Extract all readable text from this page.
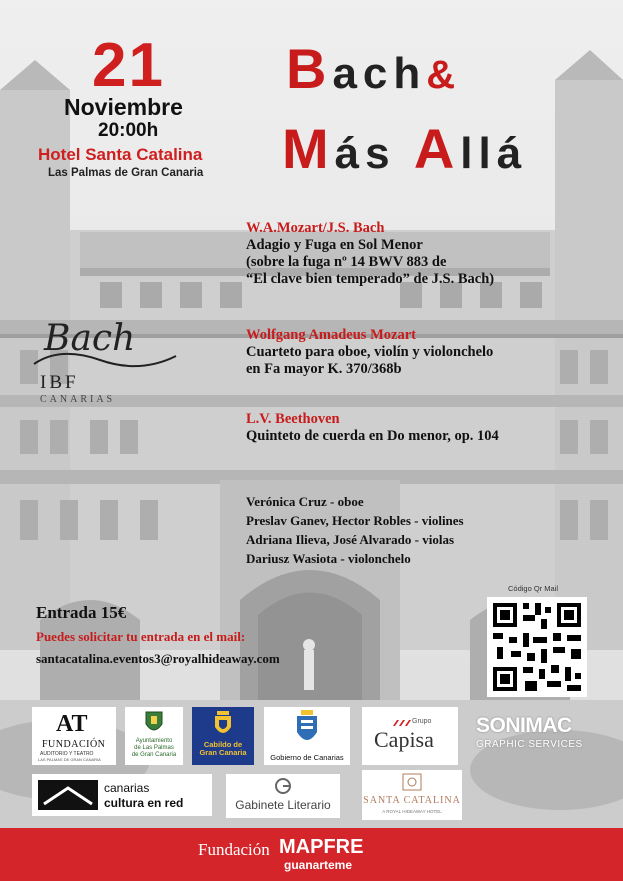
21
Noviembre
20:00h
Hotel Santa Catalina
Las Palmas de Gran Canaria
Bach&
Más Allá
W.A.Mozart/J.S. Bach
Adagio y Fuga en Sol Menor
(sobre la fuga nº 14 BWV 883 de
“El clave bien temperado” de J.S. Bach)
Wolfgang Amadeus Mozart
Cuarteto para oboe, violín y violonchelo
en Fa mayor K. 370/368b
L.V. Beethoven
Quinteto de cuerda en Do menor, op. 104
Verónica Cruz - oboe
Preslav Ganev, Hector Robles - violines
Adriana Ilieva, José Alvarado - violas
Dariusz Wasiota - violonchelo
Bach
IBF
CANARIAS
Entrada 15€
Puedes solicitar tu entrada en el mail:
santacatalina.eventos3@royalhideaway.com
Código Qr Mail
AT
FUNDACIÓN
AUDITORIO Y TEATRO
LAS PALMAS DE GRAN CANARIA
Ayuntamiento
de Las Palmas
de Gran Canaria
Cabildo de
Gran Canaria
Gobierno de Canarias
Grupo
Capisa
SONIMAC
GRAPHIC SERVICES
canarias
cultura en red	Gabinete Literario	SANTA CATALINA
A ROYAL HIDEAWAY HOTEL
Fundación MAPFRE
guanarteme
